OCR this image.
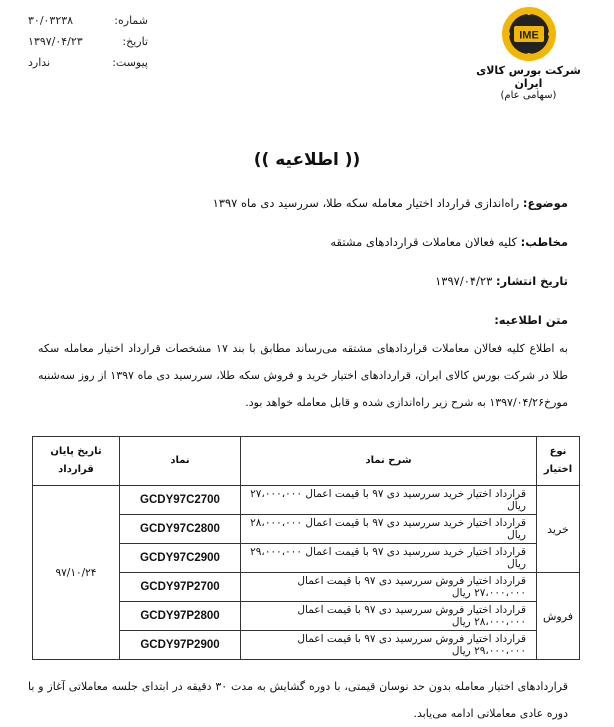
شماره:
۳۰/۰۳۲۳۸
تاریخ:
۱۳۹۷/۰۴/۲۳
پیوست:
ندارد
IME
شرکت بورس کالای ایران
(سهامی عام)
(( اطلاعیه ))
موضوع: راه‌اندازی قرارداد اختیار معامله سکه طلا، سررسید دی ماه ۱۳۹۷
مخاطب: کلیه فعالان معاملات قراردادهای مشتقه
تاریخ انتشار: ۱۳۹۷/۰۴/۲۳
متن اطلاعیه:
به اطلاع کلیه فعالان معاملات قراردادهای مشتقه می‌رساند مطابق با بند ۱۷ مشخصات قرارداد اختیار معامله سکه طلا در شرکت بورس کالای ایران، قراردادهای اختیار خرید و فروش سکه طلا، سررسید دی ماه ۱۳۹۷ از روز سه‌شنبه مورخ۱۳۹۷/۰۴/۲۶ به شرح زیر راه‌اندازی شده و قابل معامله خواهد بود.
نوع اختیار	شرح نماد	نماد	تاریخ پایان قرارداد
خرید	قرارداد اختیار خرید سررسید دی ۹۷ با قیمت اعمال ۲۷،۰۰۰،۰۰۰ ریال	GCDY97C2700	۹۷/۱۰/۲۴
	قرارداد اختیار خرید سررسید دی ۹۷ با قیمت اعمال ۲۸،۰۰۰،۰۰۰ ریال	GCDY97C2800	
	قرارداد اختیار خرید سررسید دی ۹۷ با قیمت اعمال ۲۹،۰۰۰،۰۰۰ ریال	GCDY97C2900	
فروش	قرارداد اختیار فروش سررسید دی ۹۷ با قیمت اعمال ۲۷،۰۰۰،۰۰۰ ریال	GCDY97P2700	
	قرارداد اختیار فروش سررسید دی ۹۷ با قیمت اعمال ۲۸،۰۰۰،۰۰۰ ریال	GCDY97P2800	
	قرارداد اختیار فروش سررسید دی ۹۷ با قیمت اعمال ۲۹،۰۰۰،۰۰۰ ریال	GCDY97P2900	
قراردادهای اختیار معامله بدون حد نوسان قیمتی، با دوره گشایش به مدت ۳۰ دقیقه در ابتدای جلسه معاملاتی آغاز و با دوره عادی معاملاتی ادامه می‌یابد.
